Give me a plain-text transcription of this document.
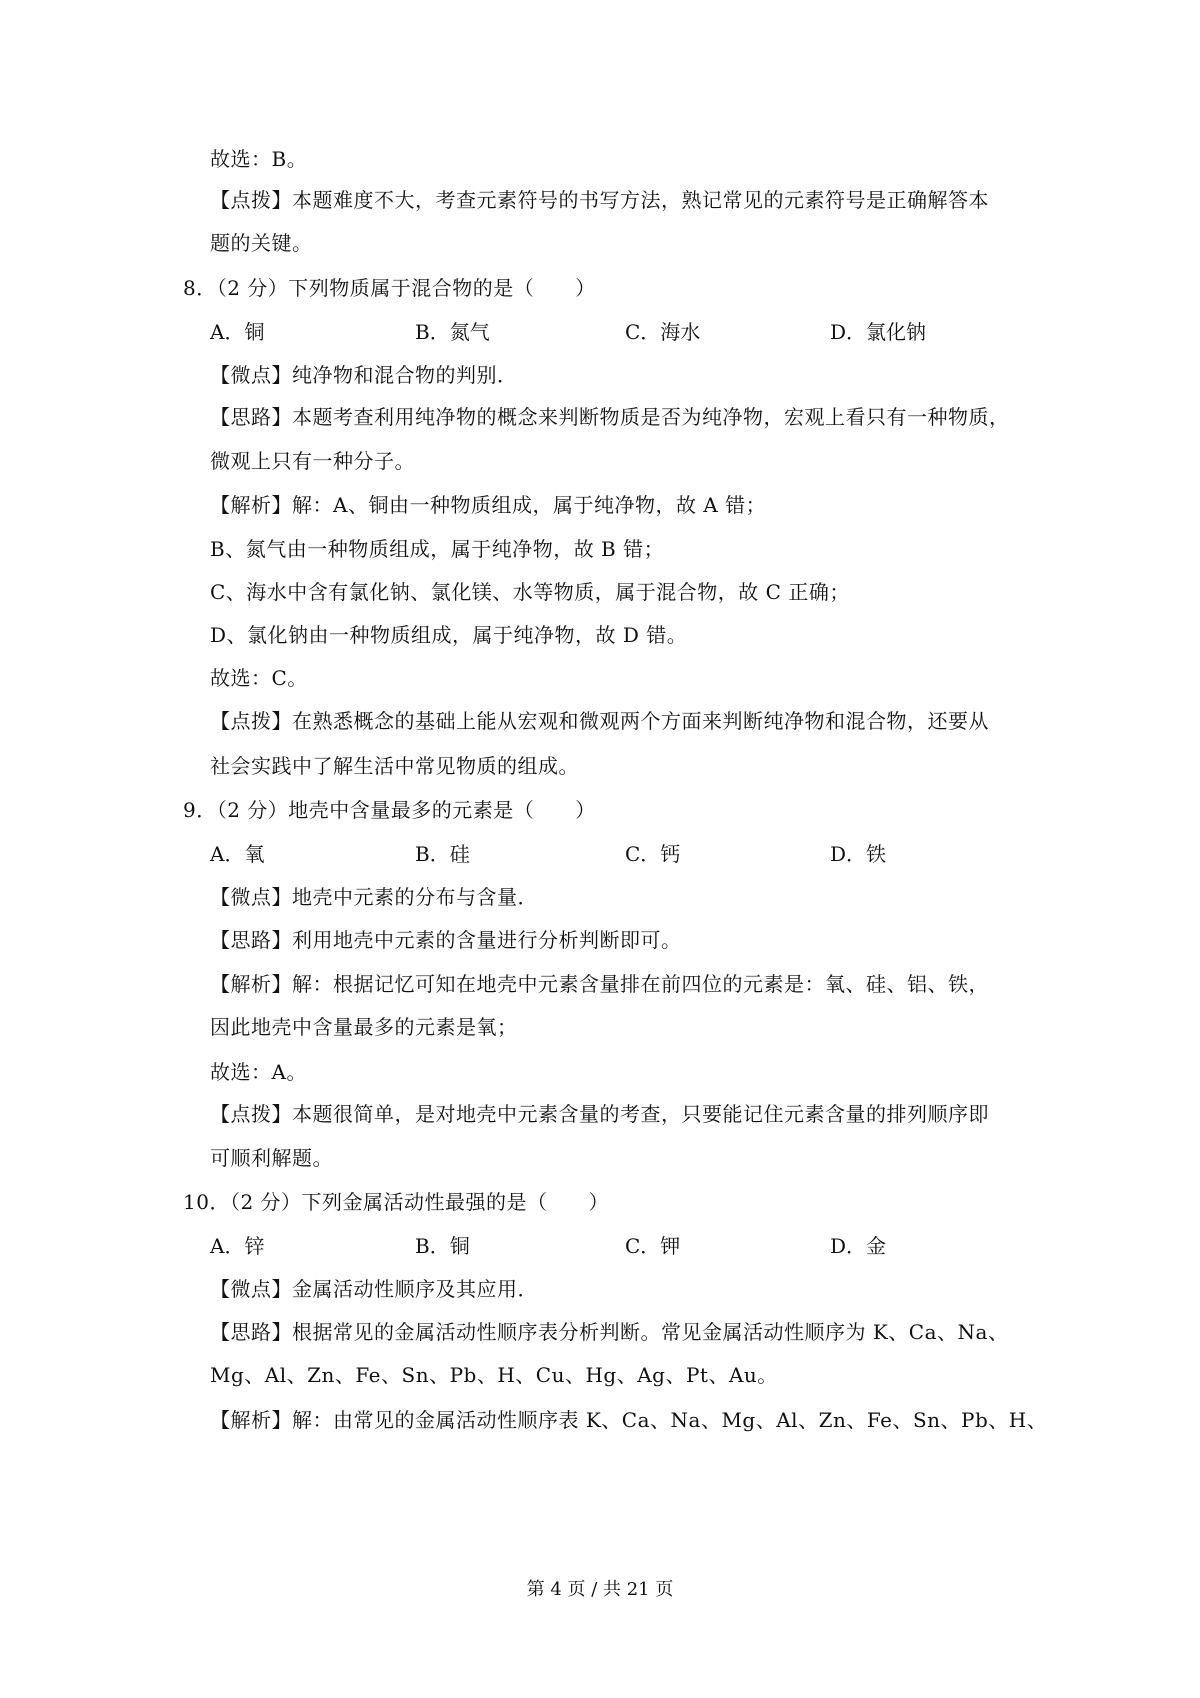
故选：B。
【点拨】本题难度不大，考查元素符号的书写方法，熟记常见的元素符号是正确解答本
题的关键。
8．（2 分）下列物质属于混合物的是（　　）
A．铜	B．氮气	C．海水	D．氯化钠
【微点】纯净物和混合物的判别．
【思路】本题考查利用纯净物的概念来判断物质是否为纯净物，宏观上看只有一种物质，
微观上只有一种分子。
【解析】解：A、铜由一种物质组成，属于纯净物，故 A 错；
B、氮气由一种物质组成，属于纯净物，故 B 错；
C、海水中含有氯化钠、氯化镁、水等物质，属于混合物，故 C 正确；
D、氯化钠由一种物质组成，属于纯净物，故 D 错。
故选：C。
【点拨】在熟悉概念的基础上能从宏观和微观两个方面来判断纯净物和混合物，还要从
社会实践中了解生活中常见物质的组成。
9．（2 分）地壳中含量最多的元素是（　　）
A．氧	B．硅	C．钙	D．铁
【微点】地壳中元素的分布与含量．
【思路】利用地壳中元素的含量进行分析判断即可。
【解析】解：根据记忆可知在地壳中元素含量排在前四位的元素是：氧、硅、铝、铁，
因此地壳中含量最多的元素是氧；
故选：A。
【点拨】本题很简单，是对地壳中元素含量的考查，只要能记住元素含量的排列顺序即
可顺利解题。
10．（2 分）下列金属活动性最强的是（　　）
A．锌	B．铜	C．钾	D．金
【微点】金属活动性顺序及其应用．
【思路】根据常见的金属活动性顺序表分析判断。常见金属活动性顺序为 K、Ca、Na、
Mg、Al、Zn、Fe、Sn、Pb、H、Cu、Hg、Ag、Pt、Au。
【解析】解：由常见的金属活动性顺序表 K、Ca、Na、Mg、Al、Zn、Fe、Sn、Pb、H、
第 4 页 / 共 21 页
